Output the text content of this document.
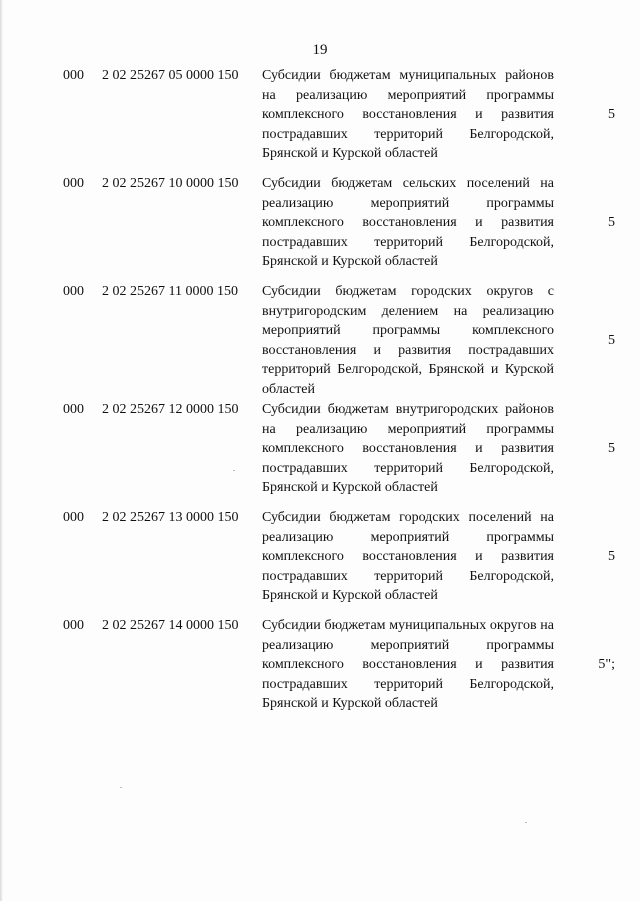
19
000	2 02 25267 05 0000 150	Субсидии бюджетам муниципальных районов на реализацию мероприятий программы комплексного восстановления и развития пострадавших территорий Белгородской, Брянской и Курской областей
5
000	2 02 25267 10 0000 150	Субсидии бюджетам сельских поселений на реализацию мероприятий программы комплексного восстановления и развития пострадавших территорий Белгородской, Брянской и Курской областей
5
000	2 02 25267 11 0000 150	Субсидии бюджетам городских округов с внутригородским делением на реализацию мероприятий программы комплексного восстановления и развития пострадавших территорий Белгородской, Брянской и Курской областей
5
000	2 02 25267 12 0000 150	Субсидии бюджетам внутригородских районов на реализацию мероприятий программы комплексного восстановления и развития пострадавших территорий Белгородской, Брянской и Курской областей
5
000	2 02 25267 13 0000 150	Субсидии бюджетам городских поселений на реализацию мероприятий программы комплексного восстановления и развития пострадавших территорий Белгородской, Брянской и Курской областей
5
000	2 02 25267 14 0000 150	Субсидии бюджетам муниципальных округов на реализацию мероприятий программы комплексного восстановления и развития пострадавших территорий Белгородской, Брянской и Курской областей
5";
